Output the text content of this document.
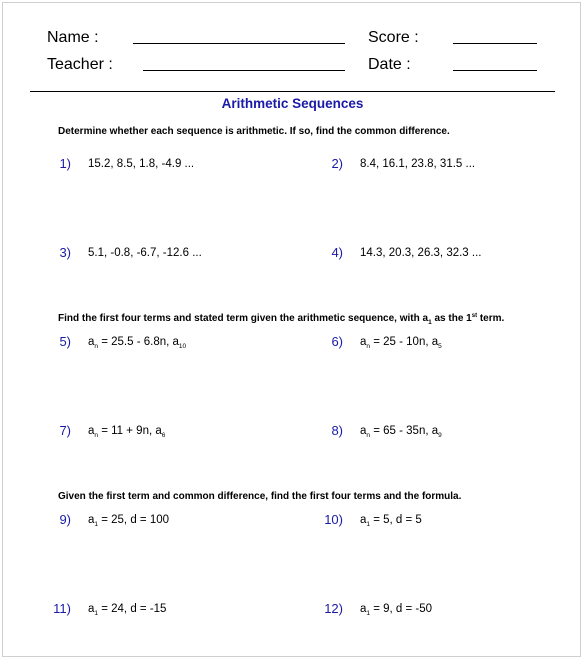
Name :	Score :
Teacher :	Date :
Arithmetic Sequences
Determine whether each sequence is arithmetic. If so, find the common difference.
1) 15.2, 8.5, 1.8, -4.9 ...	2) 8.4, 16.1, 23.8, 31.5 ...
3) 5.1, -0.8, -6.7, -12.6 ...	4) 14.3, 20.3, 26.3, 32.3 ...
Find the first four terms and stated term given the arithmetic sequence, with $a_1$ as the 1st term.
5) $a_n = 25.5 - 6.8n$, $a_{10}$	6) $a_n = 25 - 10n$, $a_5$
7) $a_n = 11 + 9n$, $a_6$	8) $a_n = 65 - 35n$, $a_9$
Given the first term and common difference, find the first four terms and the formula.
9) $a_1 = 25$, d = 100	10) $a_1 = 5$, d = 5
11) $a_1 = 24$, d = -15	12) $a_1 = 9$, d = -50
